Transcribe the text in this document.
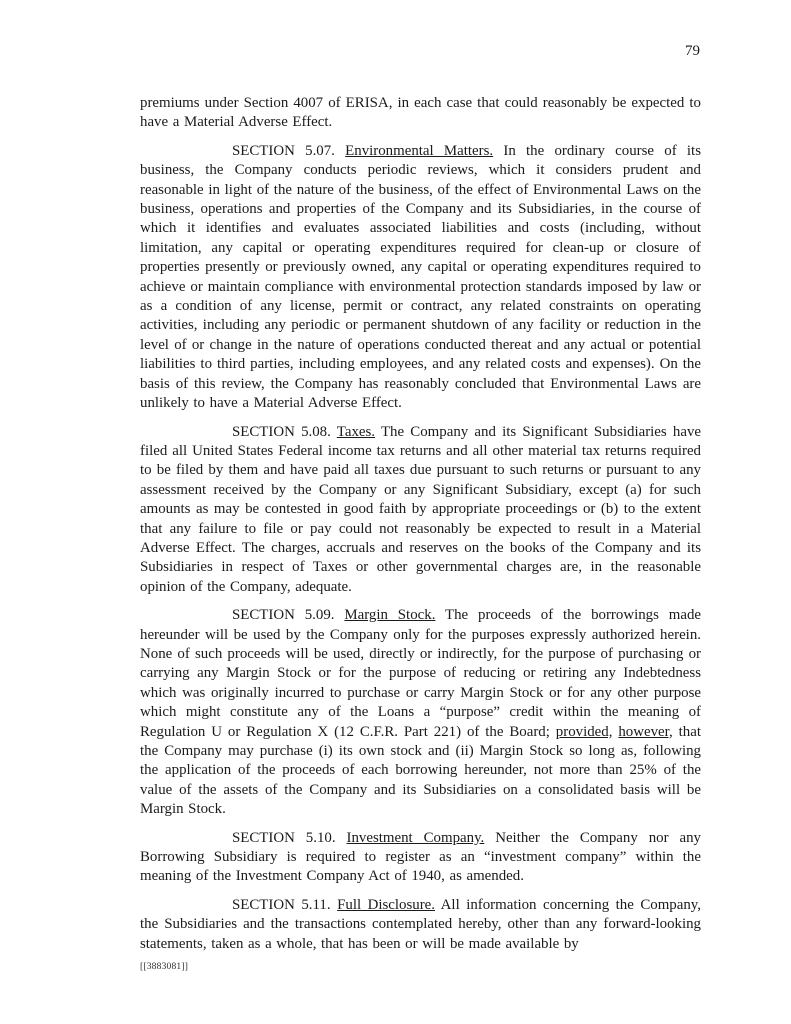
79

premiums under Section 4007 of ERISA, in each case that could reasonably be expected to have a Material Adverse Effect.

SECTION 5.07. Environmental Matters. In the ordinary course of its business, the Company conducts periodic reviews, which it considers prudent and reasonable in light of the nature of the business, of the effect of Environmental Laws on the business, operations and properties of the Company and its Subsidiaries, in the course of which it identifies and evaluates associated liabilities and costs (including, without limitation, any capital or operating expenditures required for clean-up or closure of properties presently or previously owned, any capital or operating expenditures required to achieve or maintain compliance with environmental protection standards imposed by law or as a condition of any license, permit or contract, any related constraints on operating activities, including any periodic or permanent shutdown of any facility or reduction in the level of or change in the nature of operations conducted thereat and any actual or potential liabilities to third parties, including employees, and any related costs and expenses). On the basis of this review, the Company has reasonably concluded that Environmental Laws are unlikely to have a Material Adverse Effect.

SECTION 5.08. Taxes. The Company and its Significant Subsidiaries have filed all United States Federal income tax returns and all other material tax returns required to be filed by them and have paid all taxes due pursuant to such returns or pursuant to any assessment received by the Company or any Significant Subsidiary, except (a) for such amounts as may be contested in good faith by appropriate proceedings or (b) to the extent that any failure to file or pay could not reasonably be expected to result in a Material Adverse Effect. The charges, accruals and reserves on the books of the Company and its Subsidiaries in respect of Taxes or other governmental charges are, in the reasonable opinion of the Company, adequate.

SECTION 5.09. Margin Stock. The proceeds of the borrowings made hereunder will be used by the Company only for the purposes expressly authorized herein. None of such proceeds will be used, directly or indirectly, for the purpose of purchasing or carrying any Margin Stock or for the purpose of reducing or retiring any Indebtedness which was originally incurred to purchase or carry Margin Stock or for any other purpose which might constitute any of the Loans a “purpose” credit within the meaning of Regulation U or Regulation X (12 C.F.R. Part 221) of the Board; provided, however, that the Company may purchase (i) its own stock and (ii) Margin Stock so long as, following the application of the proceeds of each borrowing hereunder, not more than 25% of the value of the assets of the Company and its Subsidiaries on a consolidated basis will be Margin Stock.

SECTION 5.10. Investment Company. Neither the Company nor any Borrowing Subsidiary is required to register as an “investment company” within the meaning of the Investment Company Act of 1940, as amended.

SECTION 5.11. Full Disclosure. All information concerning the Company, the Subsidiaries and the transactions contemplated hereby, other than any forward-looking statements, taken as a whole, that has been or will be made available by

[[3883081]]
